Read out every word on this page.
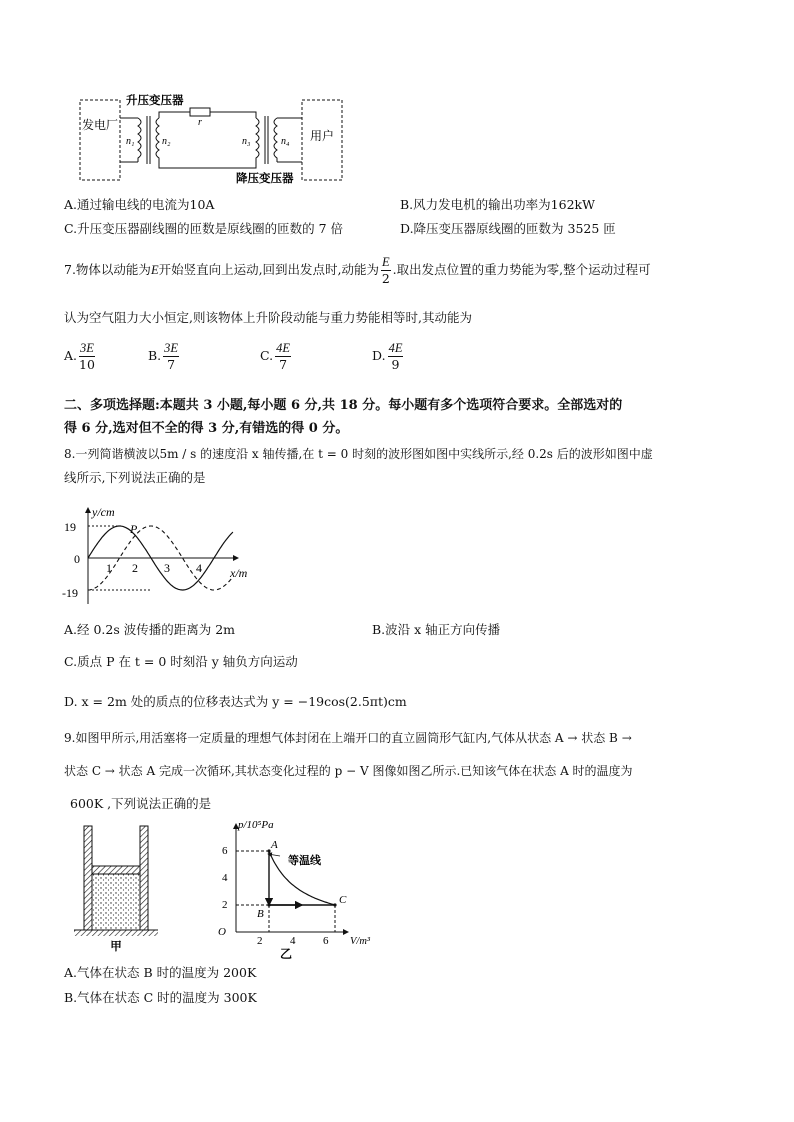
发电厂
用户
升压变压器
降压变压器
n₁	n₂
r
n₃	n₄
A.通过输电线的电流为10A	B.风力发电机的输出功率为162kW
C.升压变压器副线圈的匝数是原线圈的匝数的 7 倍	D.降压变压器原线圈的匝数为 3525 匝
7.物体以动能为E开始竖直向上运动,回到出发点时,动能为 $\frac{E}{2}$ .取出发点位置的重力势能为零,整个运动过程可
认为空气阻力大小恒定,则该物体上升阶段动能与重力势能相等时,其动能为
A. $\frac{3E}{10}$	B. $\frac{3E}{7}$	C. $\frac{4E}{7}$	D. $\frac{4E}{9}$
二、多项选择题:本题共 3 小题,每小题 6 分,共 18 分。每小题有多个选项符合要求。全部选对的
得 6 分,选对但不全的得 3 分,有错选的得 0 分。
8.一列简谐横波以5m / s 的速度沿 x 轴传播,在 t = 0 时刻的波形图如图中实线所示,经 0.2s 后的波形如图中虚
线所示,下列说法正确的是
y/cm
x/m
19
0
-19
1 2 3 4
P
A.经 0.2s 波传播的距离为 2m	B.波沿 x 轴正方向传播
C.质点 P 在 t = 0 时刻沿 y 轴负方向运动
D. x = 2m 处的质点的位移表达式为 y = −19cos(2.5πt)cm
9.如图甲所示,用活塞将一定质量的理想气体封闭在上端开口的直立圆筒形气缸内,气体从状态 A → 状态 B →
状态 C → 状态 A 完成一次循环,其状态变化过程的 p − V 图像如图乙所示.已知该气体在状态 A 时的温度为
600K ,下列说法正确的是
甲
p/10⁵Pa
V/m³
O
6
4
2
2	4	6
等温线
乙
A
B
C
A.气体在状态 B 时的温度为 200K
B.气体在状态 C 时的温度为 300K
